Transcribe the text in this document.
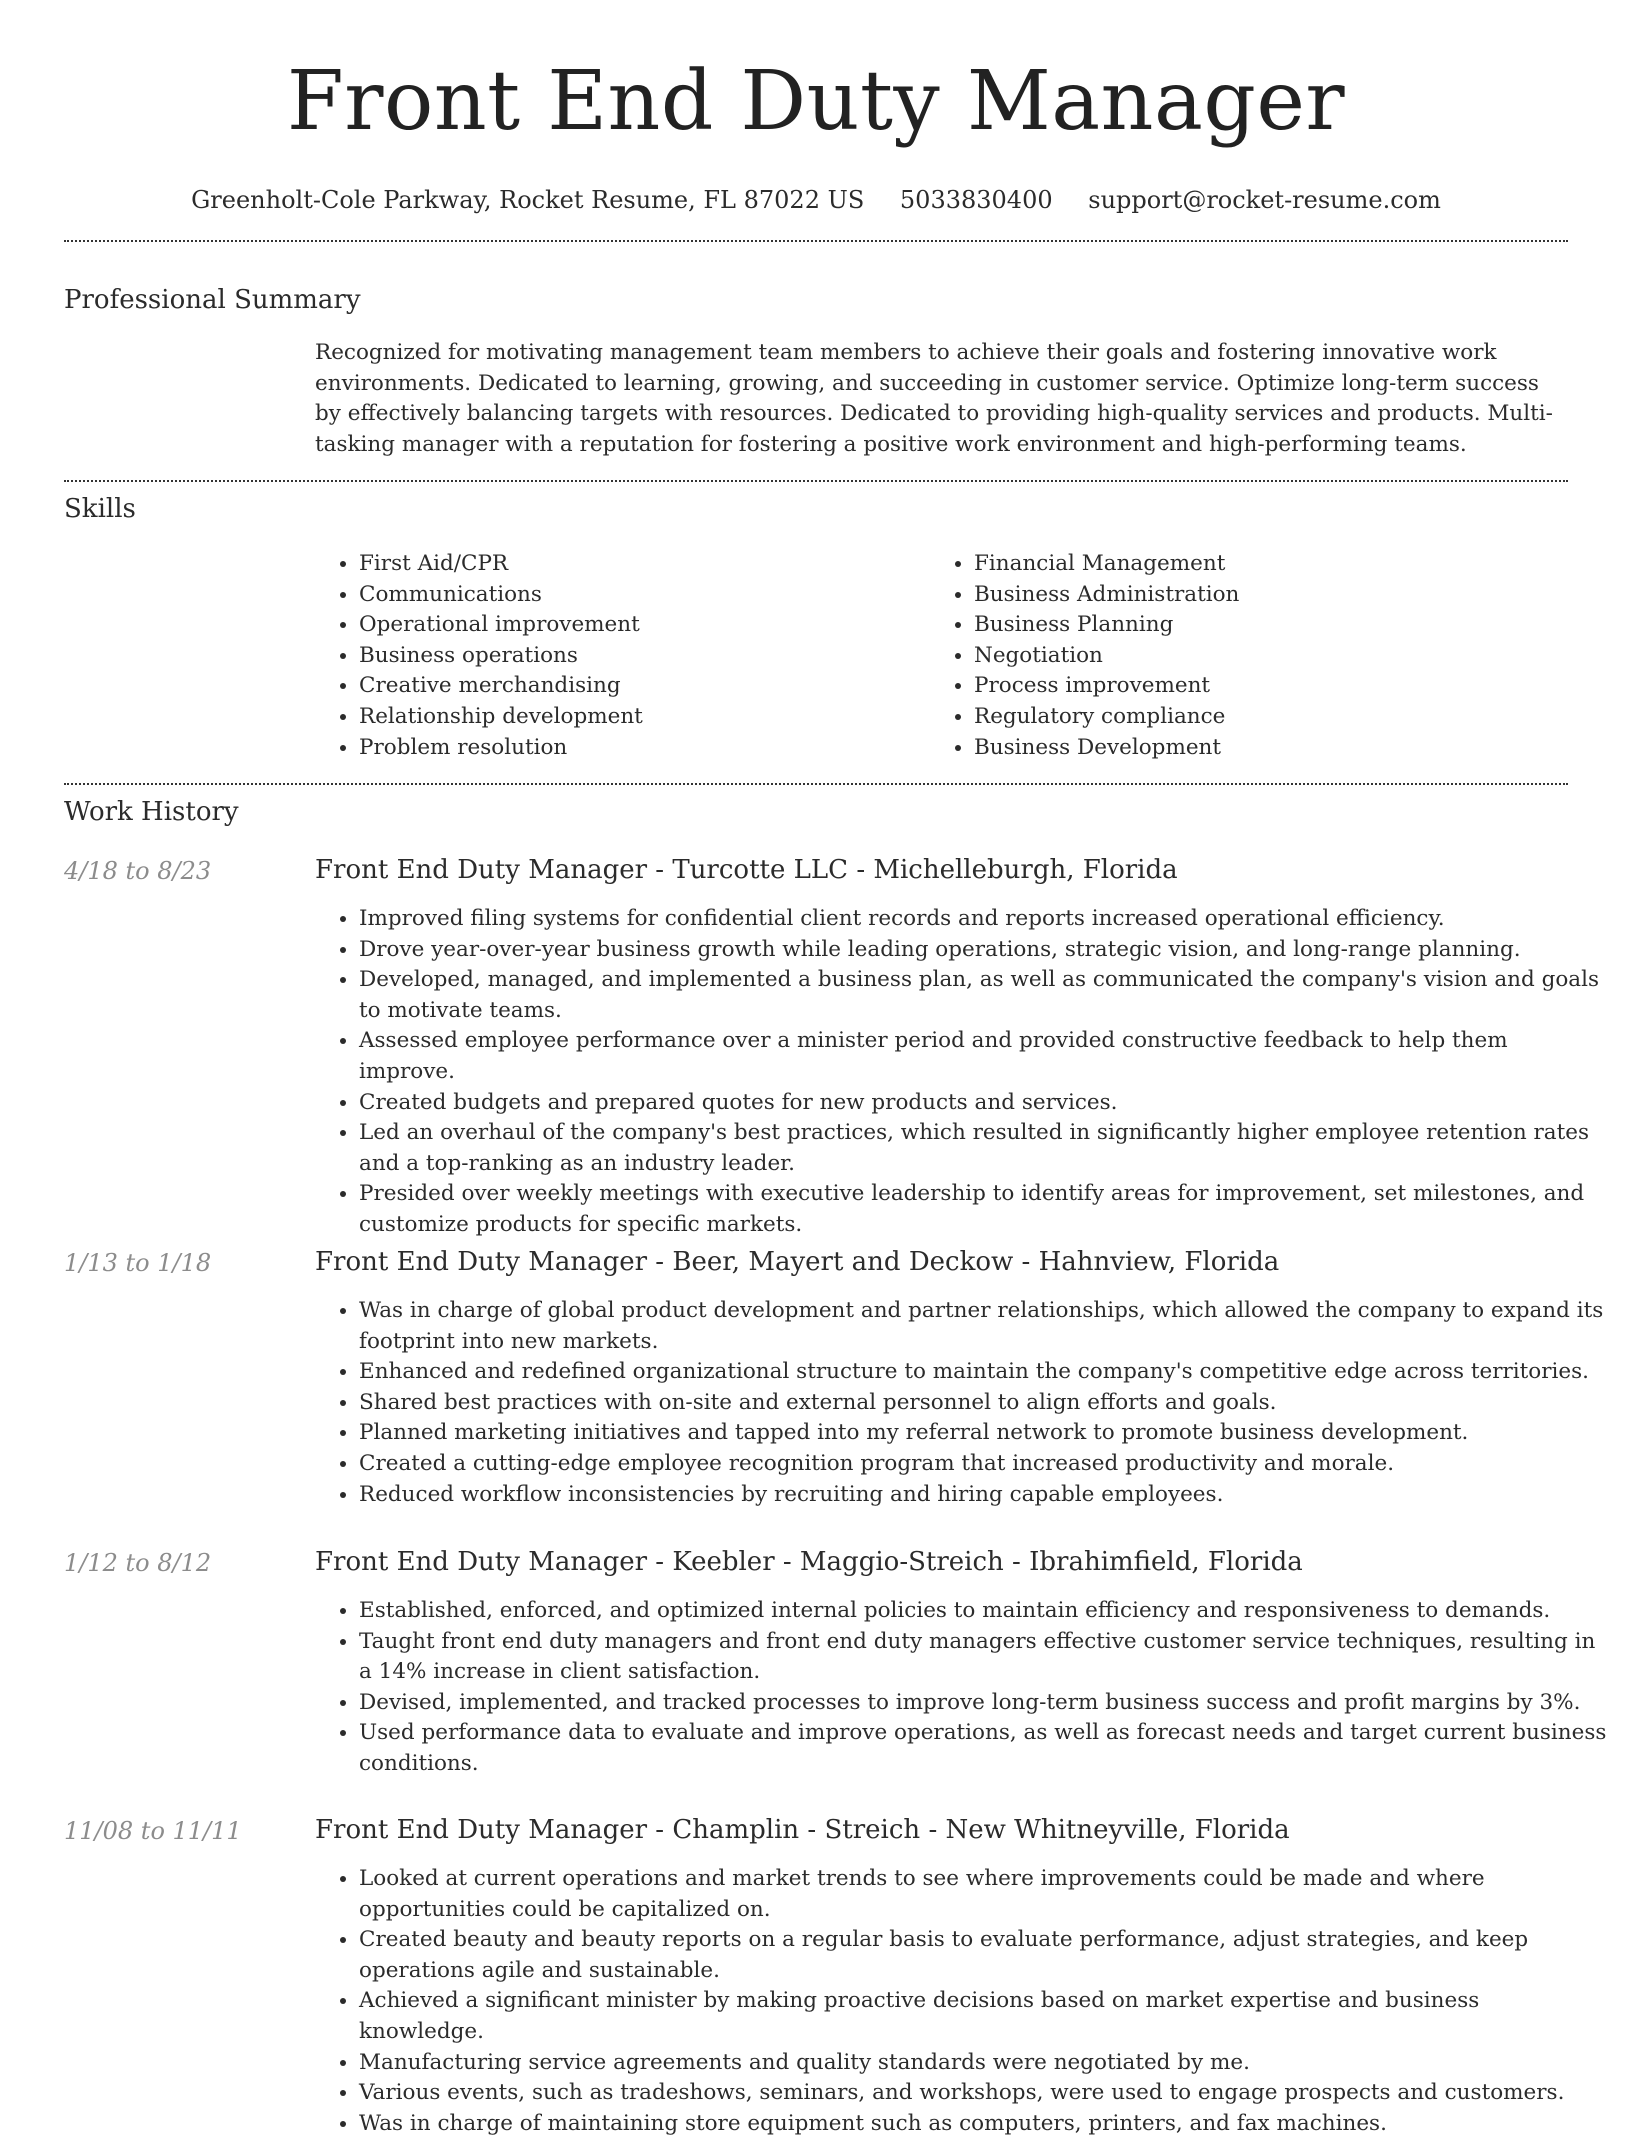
Front End Duty Manager
Greenholt-Cole Parkway, Rocket Resume, FL 87022 US 5033830400 support@rocket-resume.com
Professional Summary
Recognized for motivating management team members to achieve their goals and fostering innovative work environments. Dedicated to learning, growing, and succeeding in customer service. Optimize long-term success by effectively balancing targets with resources. Dedicated to providing high-quality services and products. Multi-tasking manager with a reputation for fostering a positive work environment and high-performing teams.
Skills
• First Aid/CPR
• Communications
• Operational improvement
• Business operations
• Creative merchandising
• Relationship development
• Problem resolution
• Financial Management
• Business Administration
• Business Planning
• Negotiation
• Process improvement
• Regulatory compliance
• Business Development
Work History
4/18 to 8/23	Front End Duty Manager - Turcotte LLC - Michelleburgh, Florida
• Improved filing systems for confidential client records and reports increased operational efficiency.
• Drove year-over-year business growth while leading operations, strategic vision, and long-range planning.
• Developed, managed, and implemented a business plan, as well as communicated the company's vision and goals to motivate teams.
• Assessed employee performance over a minister period and provided constructive feedback to help them improve.
• Created budgets and prepared quotes for new products and services.
• Led an overhaul of the company's best practices, which resulted in significantly higher employee retention rates and a top-ranking as an industry leader.
• Presided over weekly meetings with executive leadership to identify areas for improvement, set milestones, and customize products for specific markets.
1/13 to 1/18	Front End Duty Manager - Beer, Mayert and Deckow - Hahnview, Florida
• Was in charge of global product development and partner relationships, which allowed the company to expand its footprint into new markets.
• Enhanced and redefined organizational structure to maintain the company's competitive edge across territories.
• Shared best practices with on-site and external personnel to align efforts and goals.
• Planned marketing initiatives and tapped into my referral network to promote business development.
• Created a cutting-edge employee recognition program that increased productivity and morale.
• Reduced workflow inconsistencies by recruiting and hiring capable employees.
1/12 to 8/12	Front End Duty Manager - Keebler - Maggio-Streich - Ibrahimfield, Florida
• Established, enforced, and optimized internal policies to maintain efficiency and responsiveness to demands.
• Taught front end duty managers and front end duty managers effective customer service techniques, resulting in a 14% increase in client satisfaction.
• Devised, implemented, and tracked processes to improve long-term business success and profit margins by 3%.
• Used performance data to evaluate and improve operations, as well as forecast needs and target current business conditions.
11/08 to 11/11	Front End Duty Manager - Champlin - Streich - New Whitneyville, Florida
• Looked at current operations and market trends to see where improvements could be made and where opportunities could be capitalized on.
• Created beauty and beauty reports on a regular basis to evaluate performance, adjust strategies, and keep operations agile and sustainable.
• Achieved a significant minister by making proactive decisions based on market expertise and business knowledge.
• Manufacturing service agreements and quality standards were negotiated by me.
• Various events, such as tradeshows, seminars, and workshops, were used to engage prospects and customers.
• Was in charge of maintaining store equipment such as computers, printers, and fax machines.
